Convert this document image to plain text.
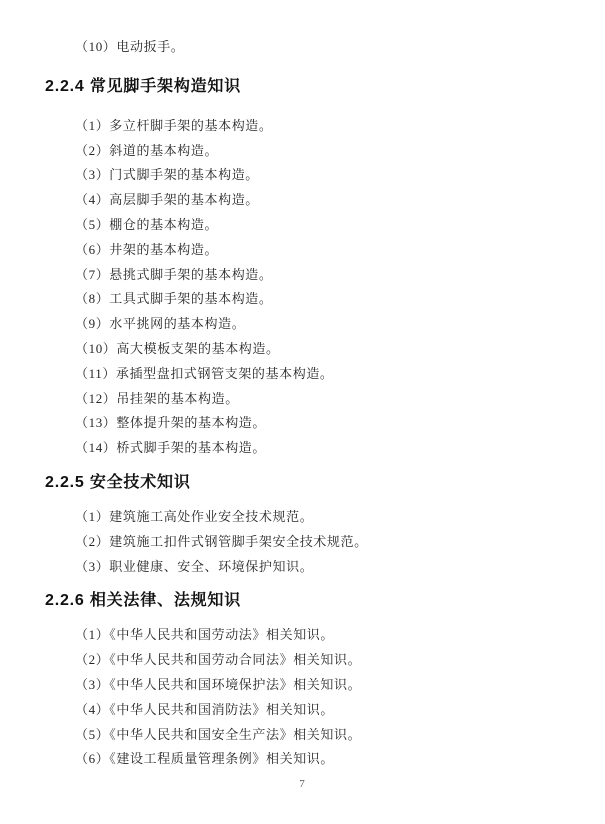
（10）电动扳手。

2.2.4 常见脚手架构造知识

（1）多立杆脚手架的基本构造。

（2）斜道的基本构造。

（3）门式脚手架的基本构造。

（4）高层脚手架的基本构造。

（5）棚仓的基本构造。

（6）井架的基本构造。

（7）悬挑式脚手架的基本构造。

（8）工具式脚手架的基本构造。

（9）水平挑网的基本构造。

（10）高大模板支架的基本构造。

（11）承插型盘扣式钢管支架的基本构造。

（12）吊挂架的基本构造。

（13）整体提升架的基本构造。

（14）桥式脚手架的基本构造。

2.2.5 安全技术知识

（1）建筑施工高处作业安全技术规范。

（2）建筑施工扣件式钢管脚手架安全技术规范。

（3）职业健康、安全、环境保护知识。

2.2.6 相关法律、法规知识

（1）《中华人民共和国劳动法》相关知识。

（2）《中华人民共和国劳动合同法》相关知识。

（3）《中华人民共和国环境保护法》相关知识。

（4）《中华人民共和国消防法》相关知识。

（5）《中华人民共和国安全生产法》相关知识。

（6）《建设工程质量管理条例》相关知识。

7
